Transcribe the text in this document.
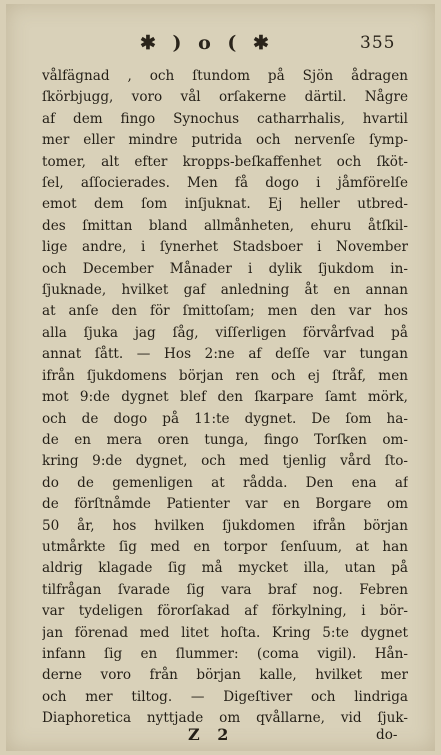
✱ ) o ( ✱	355
vålfägnad , och ſtundom på Sjön ådragen
ſkörbjugg, voro vål orſakerne därtil. Någre
af dem fingo Synochus catharrhalis, hvartil
mer eller mindre putrida och nervenſe ſymp-
tomer, alt efter kropps-beſkaffenhet och ſköt-
ſel, aſſocierades. Men få dogo i jåmförelſe
emot dem ſom inſjuknat. Ej heller utbred-
des ſmittan bland allmånheten, ehuru åtſkil-
lige andre, i ſynerhet Stadsboer i November
och December Månader i dylik ſjukdom in-
ſjuknade, hvilket gaf anledning åt en annan
at anſe den för ſmittoſam; men den var hos
alla ſjuka jag ſåg, viſſerligen förvårfvad på
annat ſått. — Hos 2:ne af deſſe var tungan
ifrån ſjukdomens början ren och ej ſtråf, men
mot 9:de dygnet blef den ſkarpare ſamt mörk,
och de dogo på 11:te dygnet. De ſom ha-
de en mera oren tunga, fingo Torſken om-
kring 9:de dygnet, och med tjenlig vård ſto-
do de gemenligen at rådda. Den ena af
de förſtnåmde Patienter var en Borgare om
50 år, hos hvilken ſjukdomen ifrån början
utmårkte ſig med en torpor ſenſuum, at han
aldrig klagade ſig må mycket illa, utan på
tilfrågan ſvarade ſig vara braf nog. Febren
var tydeligen förorſakad af förkylning, i bör-
jan förenad med litet hoſta. Kring 5:te dygnet
infann ſig en ſlummer: (coma vigil). Hån-
derne voro från början kalle, hvilket mer
och mer tiltog. — Digeſtiver och lindriga
Diaphoretica nyttjade om qvållarne, vid ſjuk-
Z 2	do-
